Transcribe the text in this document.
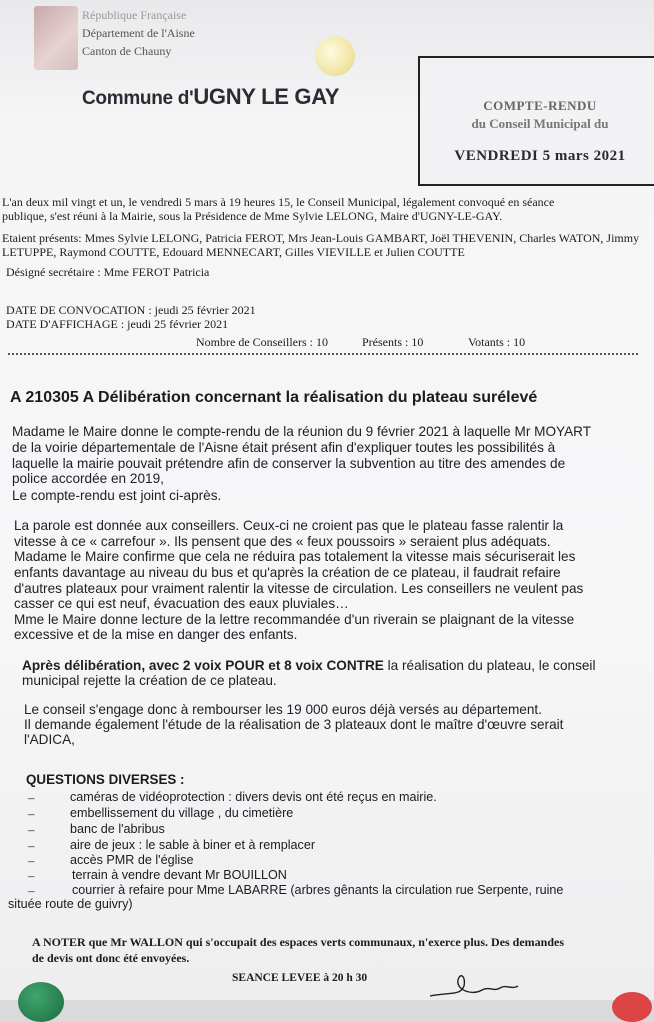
République Française
Département de l'Aisne
Canton de Chauny
Commune d'UGNY LE GAY	COMPTE-RENDU
du Conseil Municipal du
VENDREDI 5 mars 2021
L'an deux mil vingt et un, le vendredi 5 mars à 19 heures 15, le Conseil Municipal, légalement convoqué en séance
publique, s'est réuni à la Mairie, sous la Présidence de Mme Sylvie LELONG, Maire d'UGNY-LE-GAY.
Etaient présents: Mmes Sylvie LELONG, Patricia FEROT, Mrs Jean-Louis GAMBART, Joël THEVENIN, Charles WATON, Jimmy
LETUPPE, Raymond COUTTE, Edouard MENNECART, Gilles VIEVILLE et Julien COUTTE
Désigné secrétaire : Mme FEROT Patricia
DATE DE CONVOCATION : jeudi 25 février 2021
DATE D'AFFICHAGE : jeudi 25 février 2021
Nombre de Conseillers : 10	Présents : 10	Votants : 10
A 210305 A Délibération concernant la réalisation du plateau surélevé
Madame le Maire donne le compte-rendu de la réunion du 9 février 2021 à laquelle Mr MOYART
de la voirie départementale de l'Aisne était présent afin d'expliquer toutes les possibilités à
laquelle la mairie pouvait prétendre afin de conserver la subvention au titre des amendes de
police accordée en 2019,
Le compte-rendu est joint ci-après.
La parole est donnée aux conseillers. Ceux-ci ne croient pas que le plateau fasse ralentir la
vitesse à ce « carrefour ». Ils pensent que des « feux poussoirs » seraient plus adéquats.
Madame le Maire confirme que cela ne réduira pas totalement la vitesse mais sécuriserait les
enfants davantage au niveau du bus et qu'après la création de ce plateau, il faudrait refaire
d'autres plateaux pour vraiment ralentir la vitesse de circulation. Les conseillers ne veulent pas
casser ce qui est neuf, évacuation des eaux pluviales…
Mme le Maire donne lecture de la lettre recommandée d'un riverain se plaignant de la vitesse
excessive et de la mise en danger des enfants.
Après délibération, avec 2 voix POUR et 8 voix CONTRE la réalisation du plateau, le conseil
municipal rejette la création de ce plateau.
Le conseil s'engage donc à rembourser les 19 000 euros déjà versés au département.
Il demande également l'étude de la réalisation de 3 plateaux dont le maître d'œuvre serait
l'ADICA,
QUESTIONS DIVERSES :
–	caméras de vidéoprotection : divers devis ont été reçus en mairie.
–	embellissement du village , du cimetière
–	banc de l'abribus
–	aire de jeux : le sable à biner et à remplacer
–	accès PMR de l'église
–	terrain à vendre devant Mr BOUILLON
–	courrier à refaire pour Mme LABARRE (arbres gênants la circulation rue Serpente, ruine
située route de guivry)
A NOTER que Mr WALLON qui s'occupait des espaces verts communaux, n'exerce plus. Des demandes
de devis ont donc été envoyées.
SEANCE LEVEE à 20 h 30
